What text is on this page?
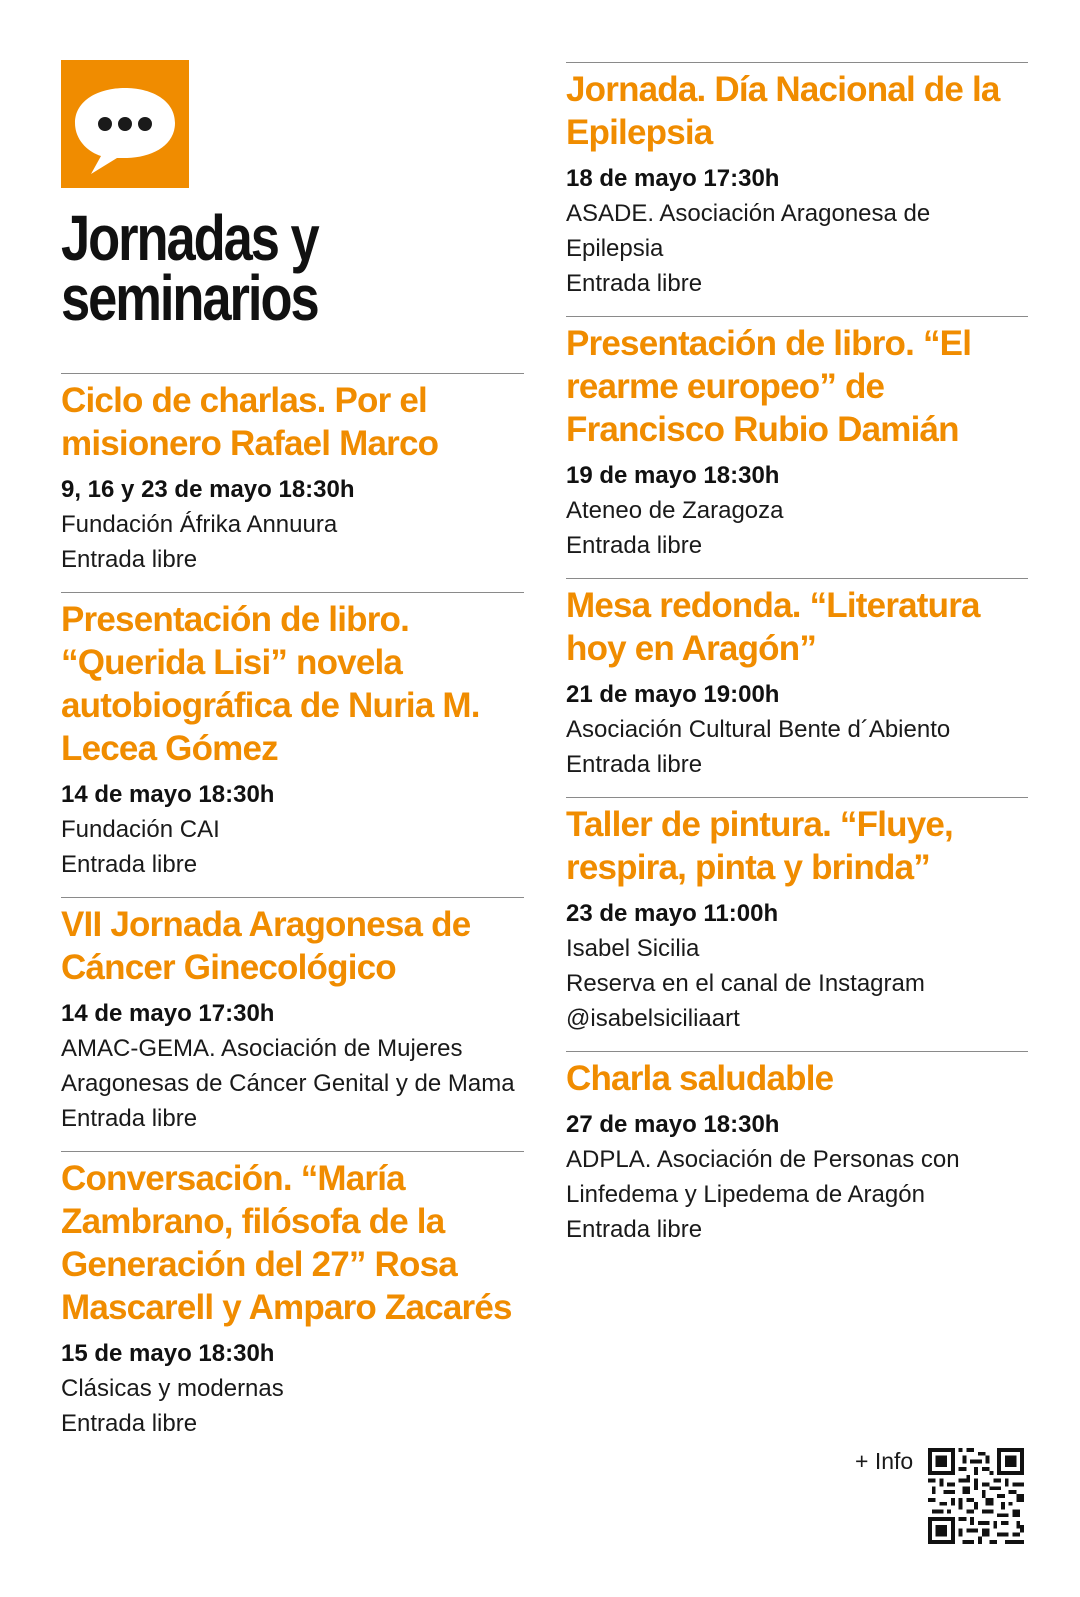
Jornadas y seminarios
Ciclo de charlas. Por el misionero Rafael Marco
9, 16 y 23 de mayo 18:30h
Fundación Áfrika Annuura
Entrada libre
Presentación de libro. “Querida Lisi” novela autobiográfica de Nuria M. Lecea Gómez
14 de mayo 18:30h
Fundación CAI
Entrada libre
VII Jornada Aragonesa de Cáncer Ginecológico
14 de mayo 17:30h
AMAC-GEMA. Asociación de Mujeres Aragonesas de Cáncer Genital y de Mama
Entrada libre
Conversación. “María Zambrano, filósofa de la Generación del 27” Rosa Mascarell y Amparo Zacarés
15 de mayo 18:30h
Clásicas y modernas
Entrada libre
Jornada. Día Nacional de la Epilepsia
18 de mayo 17:30h
ASADE. Asociación Aragonesa de Epilepsia
Entrada libre
Presentación de libro. “El rearme europeo” de Francisco Rubio Damián
19 de mayo 18:30h
Ateneo de Zaragoza
Entrada libre
Mesa redonda. “Literatura hoy en Aragón”
21 de mayo 19:00h
Asociación Cultural Bente d´Abiento
Entrada libre
Taller de pintura. “Fluye, respira, pinta y brinda”
23 de mayo 11:00h
Isabel Sicilia
Reserva en el canal de Instagram @isabelsiciliaart
Charla saludable
27 de mayo 18:30h
ADPLA. Asociación de Personas con Linfedema y Lipedema de Aragón
Entrada libre
+ Info
